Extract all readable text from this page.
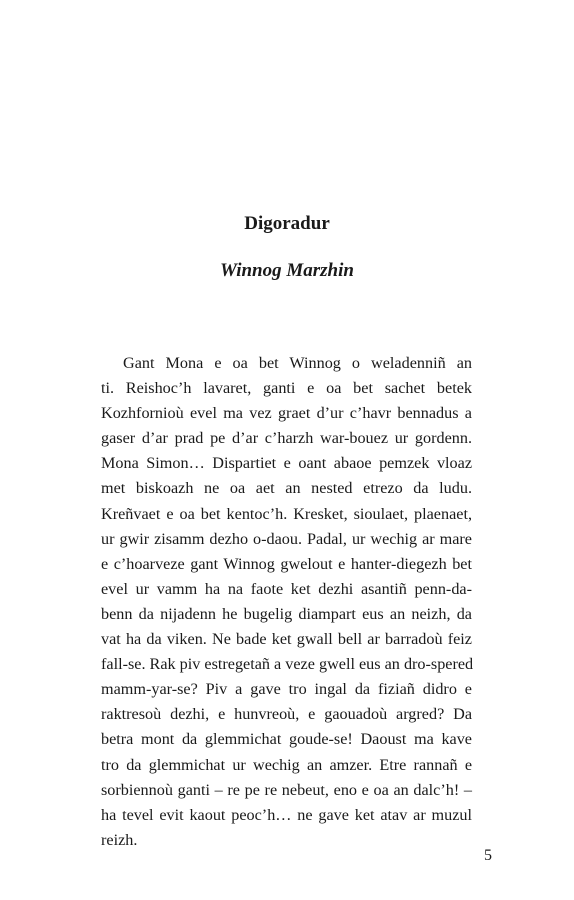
Digoradur
Winnog Marzhin
Gant Mona e oa bet Winnog o weladenniñ an
ti. Reishoc’h lavaret, ganti e oa bet sachet betek
Kozhfornioù evel ma vez graet d’ur c’havr bennadus a
gaser d’ar prad pe d’ar c’harzh war-bouez ur gordenn.
Mona Simon… Dispartiet e oant abaoe pemzek vloaz
met biskoazh ne oa aet an nested etrezo da ludu.
Kreñvaet e oa bet kentoc’h. Kresket, sioulaet, plaenaet,
ur gwir zisamm dezho o-daou. Padal, ur wechig ar mare
e c’hoarveze gant Winnog gwelout e hanter-diegezh bet
evel ur vamm ha na faote ket dezhi asantiñ penn-da-
benn da nijadenn he bugelig diampart eus an neizh, da
vat ha da viken. Ne bade ket gwall bell ar barradoù feiz
fall-se. Rak piv estregetañ a veze gwell eus an dro-spered
mamm-yar-se? Piv a gave tro ingal da fiziañ didro e
raktresoù dezhi, e hunvreoù, e gaouadoù argred? Da
betra mont da glemmichat goude-se! Daoust ma kave
tro da glemmichat ur wechig an amzer. Etre rannañ e
sorbiennoù ganti – re pe re nebeut, eno e oa an dalc’h! –
ha tevel evit kaout peoc’h… ne gave ket atav ar muzul
reizh.
5
